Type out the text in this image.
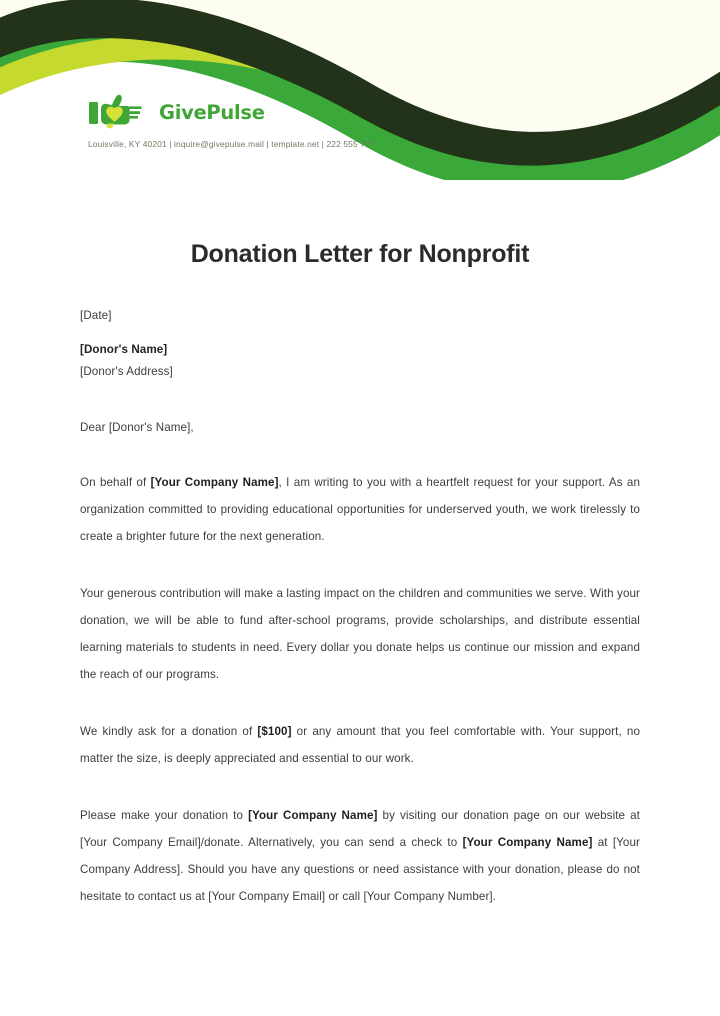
GivePulse
Louisville, KY 40201 | inquire@givepulse.mail | template.net | 222 555 777
Donation Letter for Nonprofit
[Date]
[Donor's Name]
[Donor's Address]
Dear [Donor's Name],
On behalf of [Your Company Name], I am writing to you with a heartfelt request for your support. As an organization committed to providing educational opportunities for underserved youth, we work tirelessly to create a brighter future for the next generation.
Your generous contribution will make a lasting impact on the children and communities we serve. With your donation, we will be able to fund after-school programs, provide scholarships, and distribute essential learning materials to students in need. Every dollar you donate helps us continue our mission and expand the reach of our programs.
We kindly ask for a donation of [$100] or any amount that you feel comfortable with. Your support, no matter the size, is deeply appreciated and essential to our work.
Please make your donation to [Your Company Name] by visiting our donation page on our website at [Your Company Email]/donate. Alternatively, you can send a check to [Your Company Name] at [Your Company Address]. Should you have any questions or need assistance with your donation, please do not hesitate to contact us at [Your Company Email] or call [Your Company Number].
